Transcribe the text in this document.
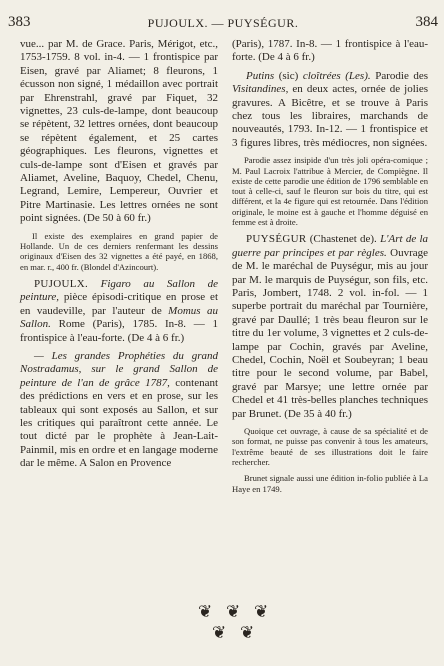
383	PUJOULX. — PUYSÉGUR.	384

vue... par M. de Grace. Paris, Mérigot, etc., 1753-1759. 8 vol. in-4. — 1 frontispice par Eisen, gravé par Aliamet; 8 fleurons, 1 écusson non signé, 1 médaillon avec portrait par Ehrenstrahl, gravé par Fiquet, 32 vignettes, 23 culs-de-lampe, dont beaucoup se répètent, 32 lettres ornées, dont beaucoup se répètent également, et 25 cartes géographiques. Les fleurons, vignettes et culs-de-lampe sont d'Eisen et gravés par Aliamet, Aveline, Baquoy, Chedel, Chenu, Legrand, Lemire, Lempereur, Ouvrier et Pitre Martinasie. Les lettres ornées ne sont point signées. (De 50 à 60 fr.)

Il existe des exemplaires en grand papier de Hollande. Un de ces derniers renfermant les dessins originaux d'Eisen des 32 vignettes a été payé, en 1868, en mar. r., 400 fr. (Blondel d'Azincourt).

PUJOULX. Figaro au Sallon de peinture, pièce épisodi-critique en prose et en vaudeville, par l'auteur de Momus au Sallon. Rome (Paris), 1785. In-8. — 1 frontispice à l'eau-forte. (De 4 à 6 fr.)

— Les grandes Prophéties du grand Nostradamus, sur le grand Sallon de peinture de l'an de grâce 1787, contenant des prédictions en vers et en prose, sur les tableaux qui sont exposés au Sallon, et sur les critiques qui paraîtront cette année. Le tout dicté par le prophète à Jean-Lait-Painmil, mis en ordre et en langage moderne dar le même. A Salon en Provence

(Paris), 1787. In-8. — 1 frontispice à l'eau-forte. (De 4 à 6 fr.)

Putins (sic) cloîtrées (Les). Parodie des Visitandines, en deux actes, ornée de jolies gravures. A Bicêtre, et se trouve à Paris chez tous les libraires, marchands de nouveautés, 1793. In-12. — 1 frontispice et 3 figures libres, très médiocres, non signées.

Parodie assez insipide d'un très joli opéra-comique ; M. Paul Lacroix l'attribue à Mercier, de Compiègne. Il existe de cette parodie une édition de 1796 semblable en tout à celle-ci, sauf le fleuron sur bois du titre, qui est différent, et la 4e figure qui est retournée. Dans l'édition originale, le moine est à gauche et l'homme déguisé en femme est à droite.

PUYSÉGUR (Chastenet de). L'Art de la guerre par principes et par règles. Ouvrage de M. le maréchal de Puységur, mis au jour par M. le marquis de Puységur, son fils, etc. Paris, Jombert, 1748. 2 vol. in-fol. — 1 superbe portrait du maréchal par Tournière, gravé par Daullé; 1 très beau fleuron sur le titre du 1er volume, 3 vignettes et 2 culs-de-lampe par Cochin, gravés par Aveline, Chedel, Cochin, Noël et Soubeyran; 1 beau titre pour le second volume, par Babel, gravé par Marsye; une lettre ornée par Chedel et 41 très-belles planches techniques par Brunet. (De 35 à 40 fr.)

Quoique cet ouvrage, à cause de sa spécialité et de son format, ne puisse pas convenir à tous les amateurs, l'extrême beauté de ses illustrations doit le faire rechercher.

Brunet signale aussi une édition in-folio publiée à La Haye en 1749.

❦ ❦ ❦
❦ ❦
